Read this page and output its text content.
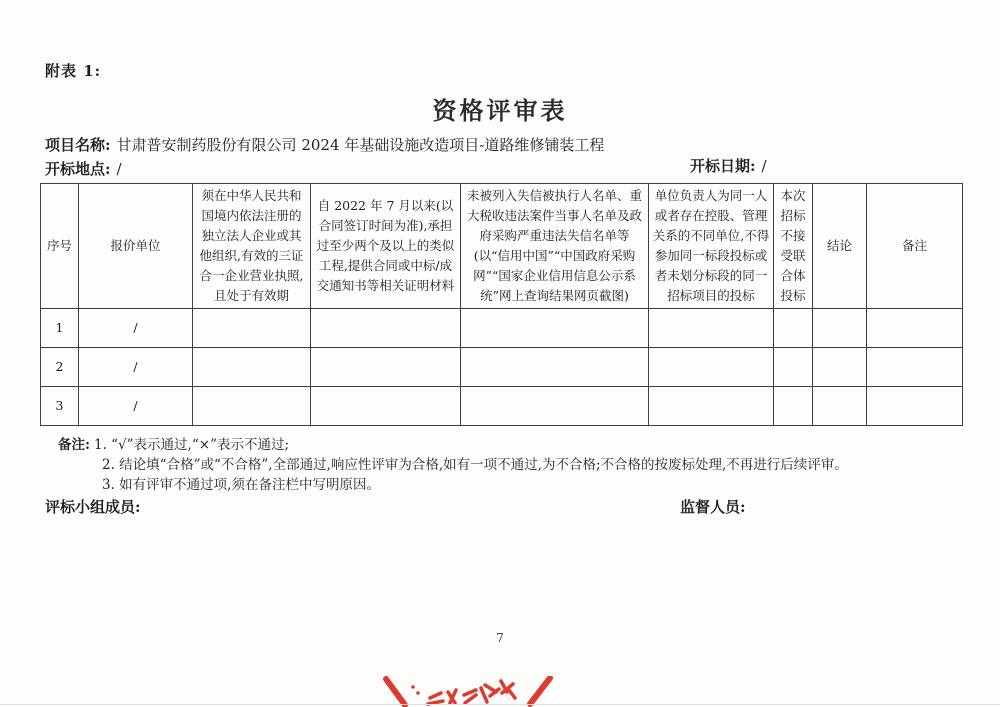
附表 1:
资格评审表
项目名称: 甘肃普安制药股份有限公司 2024 年基础设施改造项目-道路维修铺装工程
开标地点: /	开标日期: /
序号	报价单位	须在中华人民共和国境内依法注册的独立法人企业或其他组织,有效的三证合一企业营业执照,且处于有效期	自 2022 年 7 月以来(以合同签订时间为准),承担过至少两个及以上的类似工程,提供合同或中标/成交通知书等相关证明材料	未被列入失信被执行人名单、重大税收违法案件当事人名单及政府采购严重违法失信名单等(以“信用中国”“中国政府采购网”“国家企业信用信息公示系统”网上查询结果网页截图)	单位负责人为同一人或者存在控股、管理关系的不同单位,不得参加同一标段投标或者未划分标段的同一招标项目的投标	本次招标不接受联合体投标	结论	备注
1	/							
2	/							
3	/							
备注: 1. “√”表示通过,“×”表示不通过;
2. 结论填“合格”或“不合格”,全部通过,响应性评审为合格,如有一项不通过,为不合格;不合格的按废标处理,不再进行后续评审。
3. 如有评审不通过项,须在备注栏中写明原因。
评标小组成员:	监督人员:
7
